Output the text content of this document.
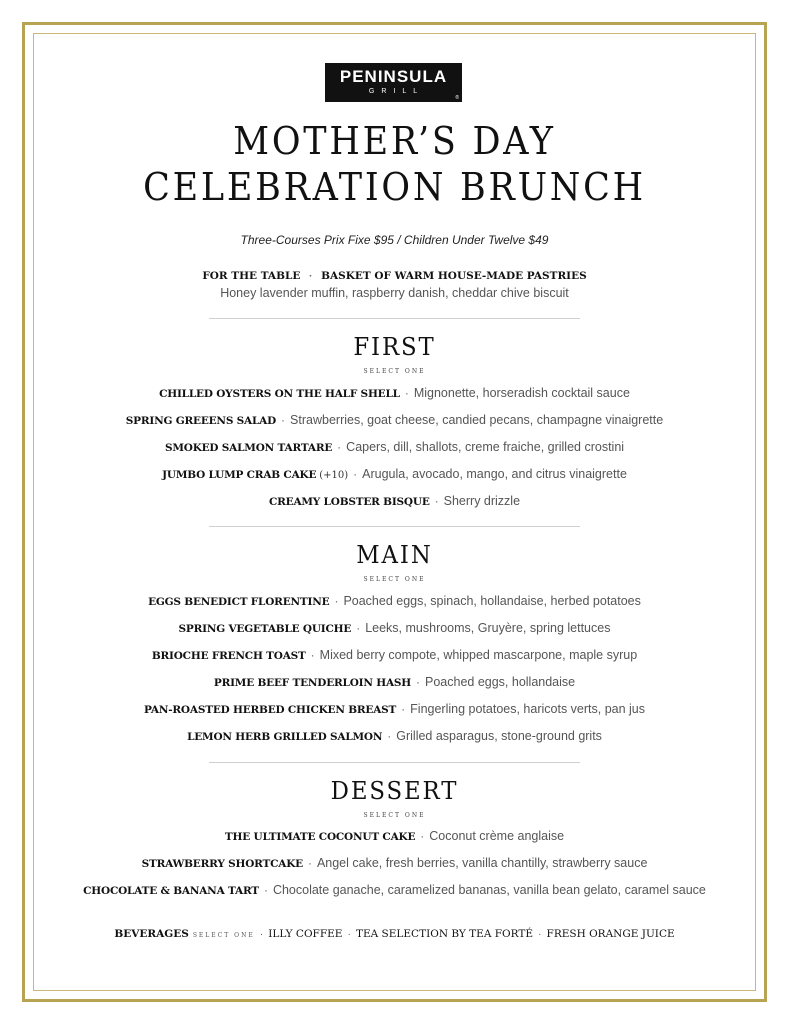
PENINSULA
GRILL
®
MOTHER’S DAY
CELEBRATION BRUNCH
Three-Courses Prix Fixe $95 / Children Under Twelve $49
FOR THE TABLE · BASKET OF WARM HOUSE-MADE PASTRIES
Honey lavender muffin, raspberry danish, cheddar chive biscuit
FIRST
SELECT ONE
CHILLED OYSTERS ON THE HALF SHELL · Mignonette, horseradish cocktail sauce
SPRING GREEENS SALAD · Strawberries, goat cheese, candied pecans, champagne vinaigrette
SMOKED SALMON TARTARE · Capers, dill, shallots, creme fraiche, grilled crostini
JUMBO LUMP CRAB CAKE (+10) · Arugula, avocado, mango, and citrus vinaigrette
CREAMY LOBSTER BISQUE · Sherry drizzle
MAIN
SELECT ONE
EGGS BENEDICT FLORENTINE · Poached eggs, spinach, hollandaise, herbed potatoes
SPRING VEGETABLE QUICHE · Leeks, mushrooms, Gruyère, spring lettuces
BRIOCHE FRENCH TOAST · Mixed berry compote, whipped mascarpone, maple syrup
PRIME BEEF TENDERLOIN HASH · Poached eggs, hollandaise
PAN-ROASTED HERBED CHICKEN BREAST · Fingerling potatoes, haricots verts, pan jus
LEMON HERB GRILLED SALMON · Grilled asparagus, stone-ground grits
DESSERT
SELECT ONE
THE ULTIMATE COCONUT CAKE · Coconut crème anglaise
STRAWBERRY SHORTCAKE · Angel cake, fresh berries, vanilla chantilly, strawberry sauce
CHOCOLATE & BANANA TART · Chocolate ganache, caramelized bananas, vanilla bean gelato, caramel sauce
BEVERAGES SELECT ONE · ILLY COFFEE · TEA SELECTION BY TEA FORTÉ · FRESH ORANGE JUICE
